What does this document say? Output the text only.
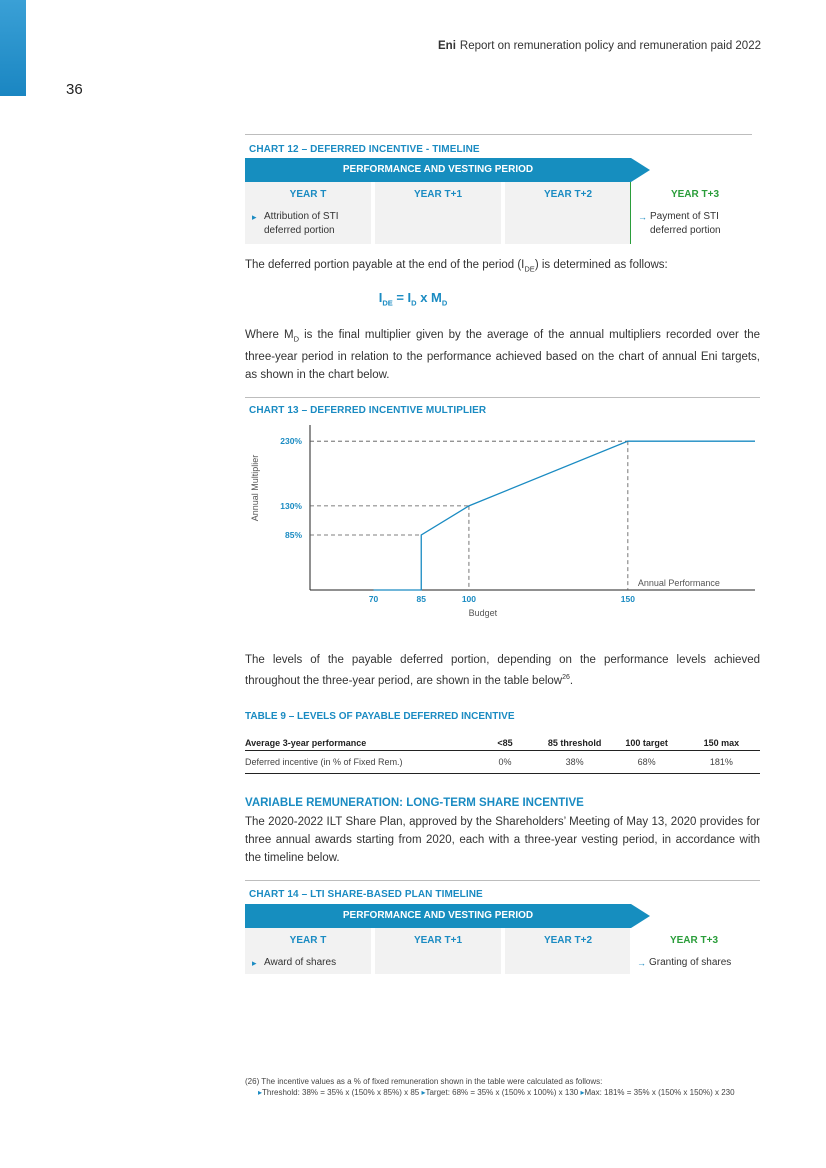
Eni Report on remuneration policy and remuneration paid 2022
36
CHART 12 – DEFERRED INCENTIVE - TIMELINE
PERFORMANCE AND VESTING PERIOD
YEAR T
▸ Attribution of STI deferred portion
YEAR T+1	YEAR T+2	YEAR T+3
→ Payment of STI deferred portion
The deferred portion payable at the end of the period $(I_{DE})$ is determined as follows:
$I_{DE} = I_D$ x $M_D$
Where $M_D$ is the final multiplier given by the average of the annual multipliers recorded over the three-year period in relation to the performance achieved based on the chart of annual Eni targets, as shown in the chart below.
CHART 13 – DEFERRED INCENTIVE MULTIPLIER
Annual Multiplier
85%
130%
230%
70	85	100	150
Budget
Annual Performance
The levels of the payable deferred portion, depending on the performance levels achieved throughout the three-year period, are shown in the table below$^{26}$.
TABLE 9 – LEVELS OF PAYABLE DEFERRED INCENTIVE
Average 3-year performance	<85	85 threshold	100 target	150 max
Deferred incentive (in % of Fixed Rem.)	0%	38%	68%	181%
VARIABLE REMUNERATION: LONG-TERM SHARE INCENTIVE
The 2020-2022 ILT Share Plan, approved by the Shareholders’ Meeting of May 13, 2020 provides for three annual awards starting from 2020, each with a three-year vesting period, in accordance with the timeline below.
CHART 14 – LTI SHARE-BASED PLAN TIMELINE
PERFORMANCE AND VESTING PERIOD
YEAR T
▸ Award of shares
YEAR T+1	YEAR T+2	YEAR T+3
→ Granting of shares
(26) The incentive values as a % of fixed remuneration shown in the table were calculated as follows:
▸Threshold: 38% = 35% x (150% x 85%) x 85 ▸Target: 68% = 35% x (150% x 100%) x 130 ▸Max: 181% = 35% x (150% x 150%) x 230
